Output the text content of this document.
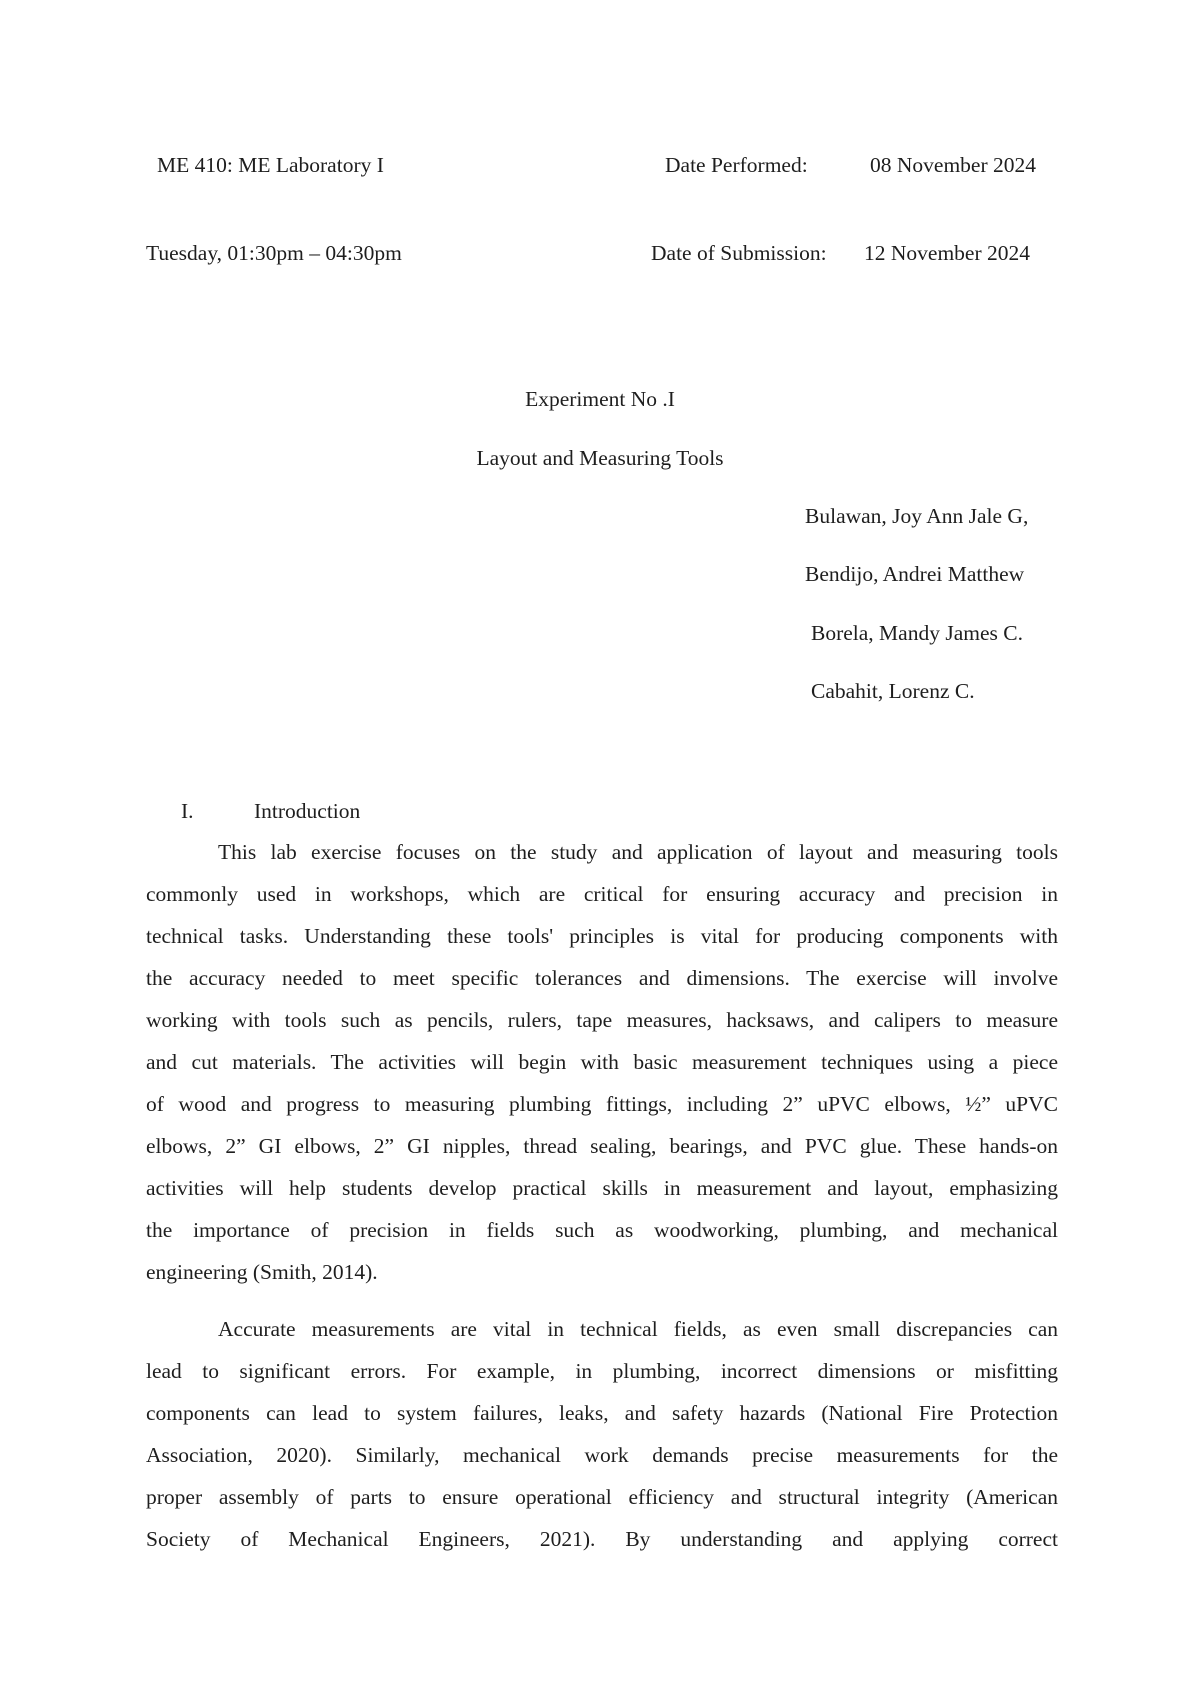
ME 410: ME Laboratory I	Date Performed:	08 November 2024
Tuesday, 01:30pm – 04:30pm	Date of Submission: 12 November 2024
Experiment No .I
Layout and Measuring Tools
Bulawan, Joy Ann Jale G,
Bendijo, Andrei Matthew
Borela, Mandy James C.
Cabahit, Lorenz C.
I.	Introduction
This lab exercise focuses on the study and application of layout and measuring tools
commonly used in workshops, which are critical for ensuring accuracy and precision in
technical tasks. Understanding these tools' principles is vital for producing components with
the accuracy needed to meet specific tolerances and dimensions. The exercise will involve
working with tools such as pencils, rulers, tape measures, hacksaws, and calipers to measure
and cut materials. The activities will begin with basic measurement techniques using a piece
of wood and progress to measuring plumbing fittings, including 2” uPVC elbows, ½” uPVC
elbows, 2” GI elbows, 2” GI nipples, thread sealing, bearings, and PVC glue. These hands-on
activities will help students develop practical skills in measurement and layout, emphasizing
the importance of precision in fields such as woodworking, plumbing, and mechanical
engineering (Smith, 2014).
Accurate measurements are vital in technical fields, as even small discrepancies can
lead to significant errors. For example, in plumbing, incorrect dimensions or misfitting
components can lead to system failures, leaks, and safety hazards (National Fire Protection
Association, 2020). Similarly, mechanical work demands precise measurements for the
proper assembly of parts to ensure operational efficiency and structural integrity (American
Society of Mechanical Engineers, 2021). By understanding and applying correct
